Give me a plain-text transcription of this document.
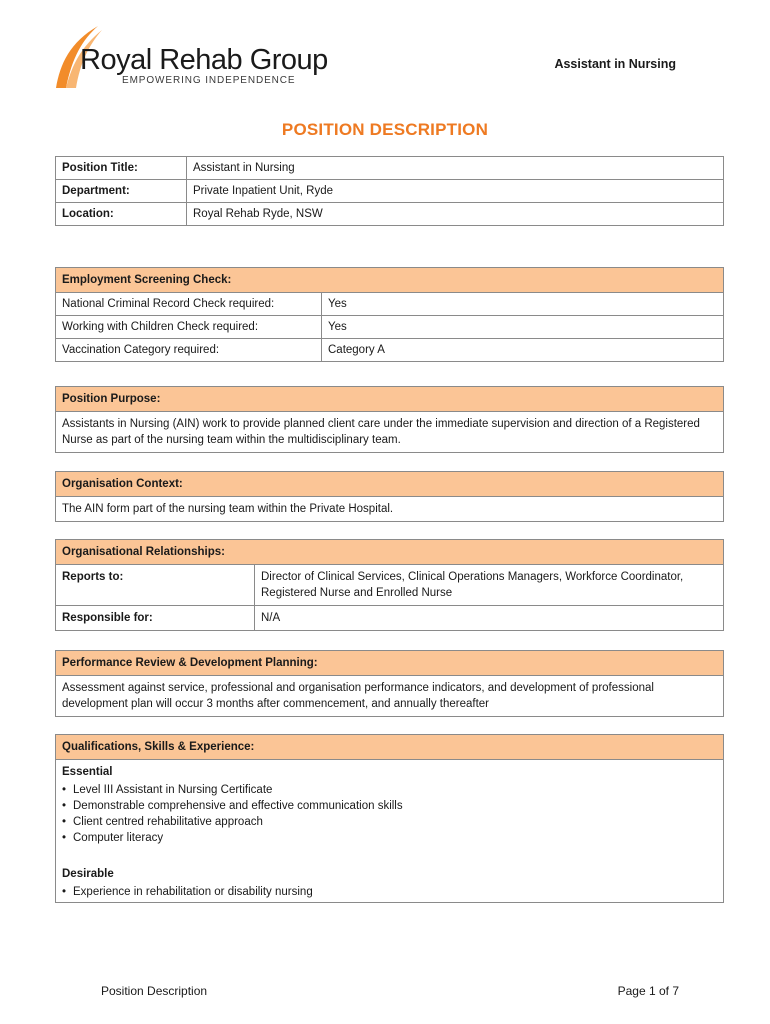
Royal Rehab Group
EMPOWERING INDEPENDENCE
Assistant in Nursing
POSITION DESCRIPTION
Position Title:	Assistant in Nursing
Department:	Private Inpatient Unit, Ryde
Location:	Royal Rehab Ryde, NSW
Employment Screening Check:	
National Criminal Record Check required:	Yes
Working with Children Check required:	Yes
Vaccination Category required:	Category A
Position Purpose:
Assistants in Nursing (AIN) work to provide planned client care under the immediate supervision and direction of a Registered Nurse as part of the nursing team within the multidisciplinary team.
Organisation Context:
The AIN form part of the nursing team within the Private Hospital.
Organisational Relationships:	
Reports to:	Director of Clinical Services, Clinical Operations Managers, Workforce Coordinator, Registered Nurse and Enrolled Nurse
Responsible for:	N/A
Performance Review & Development Planning:
Assessment against service, professional and organisation performance indicators, and development of professional development plan will occur 3 months after commencement, and annually thereafter
Qualifications, Skills & Experience:

Essential
• Level III Assistant in Nursing Certificate
• Demonstrable comprehensive and effective communication skills
• Client centred rehabilitative approach
• Computer literacy
Desirable
• Experience in rehabilitation or disability nursing
Position Description	Page 1 of 7
